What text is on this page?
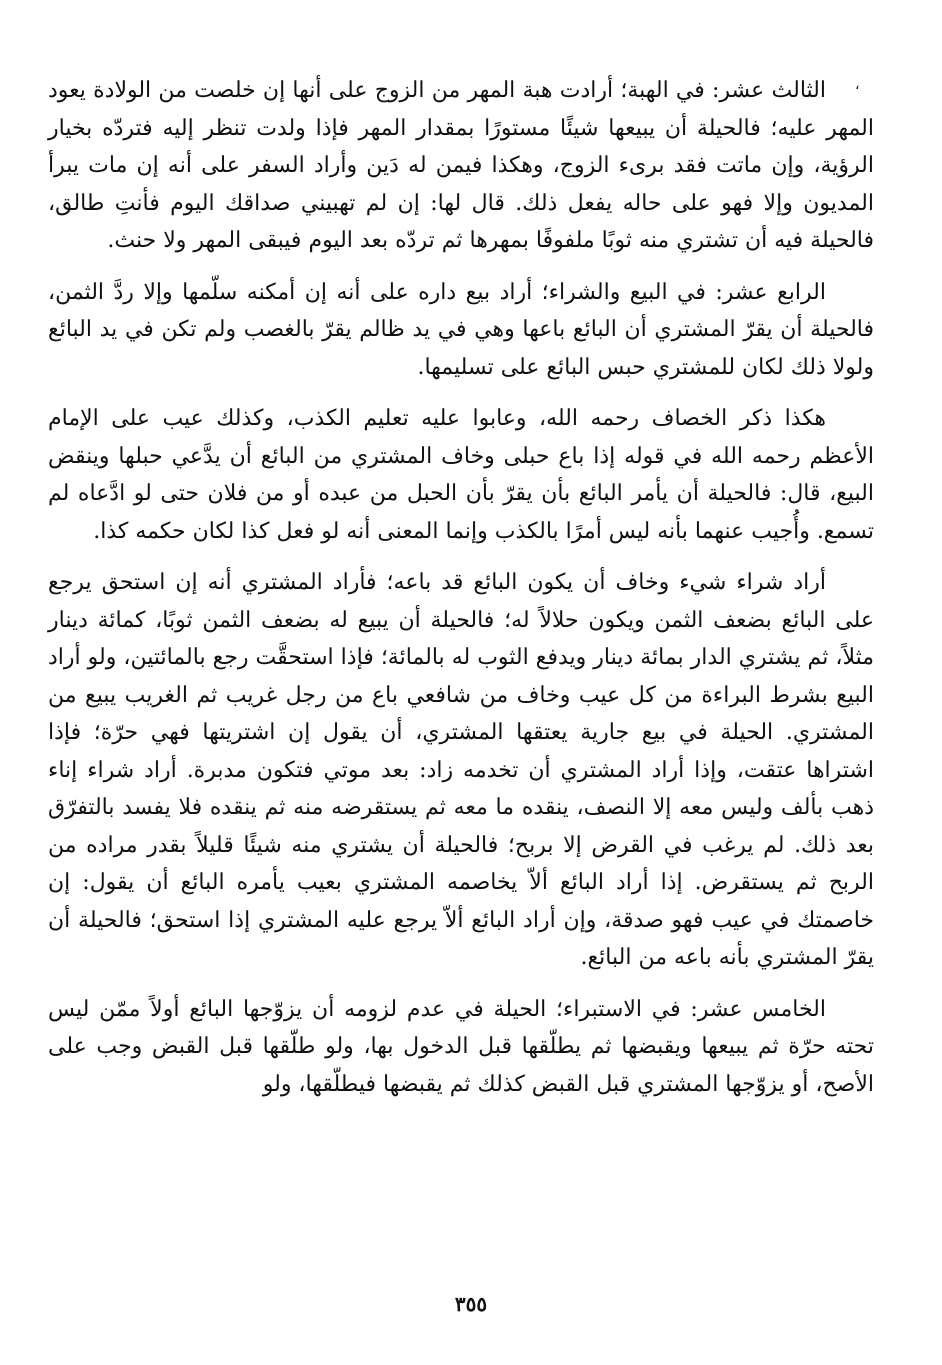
،

الثالث عشر: في الهبة؛ أرادت هبة المهر من الزوج على أنها إن خلصت من الولادة يعود المهر عليه؛ فالحيلة أن يبيعها شيئًا مستورًا بمقدار المهر فإذا ولدت تنظر إليه فتردّه بخيار الرؤية، وإن ماتت فقد برىء الزوج، وهكذا فيمن له دَين وأراد السفر على أنه إن مات يبرأ المديون وإلا فهو على حاله يفعل ذلك. قال لها: إن لم تهبيني صداقك اليوم فأنتِ طالق، فالحيلة فيه أن تشتري منه ثوبًا ملفوفًا بمهرها ثم تردّه بعد اليوم فيبقى المهر ولا حنث.

الرابع عشر: في البيع والشراء؛ أراد بيع داره على أنه إن أمكنه سلّمها وإلا ردَّ الثمن، فالحيلة أن يقرّ المشتري أن البائع باعها وهي في يد ظالم يقرّ بالغصب ولم تكن في يد البائع ولولا ذلك لكان للمشتري حبس البائع على تسليمها.

هكذا ذكر الخصاف رحمه الله، وعابوا عليه تعليم الكذب، وكذلك عيب على الإمام الأعظم رحمه الله في قوله إذا باع حبلى وخاف المشتري من البائع أن يدَّعي حبلها وينقض البيع، قال: فالحيلة أن يأمر البائع بأن يقرّ بأن الحبل من عبده أو من فلان حتى لو ادَّعاه لم تسمع. وأُجيب عنهما بأنه ليس أمرًا بالكذب وإنما المعنى أنه لو فعل كذا لكان حكمه كذا.

أراد شراء شيء وخاف أن يكون البائع قد باعه؛ فأراد المشتري أنه إن استحق يرجع على البائع بضعف الثمن ويكون حلالاً له؛ فالحيلة أن يبيع له بضعف الثمن ثوبًا، كمائة دينار مثلاً، ثم يشتري الدار بمائة دينار ويدفع الثوب له بالمائة؛ فإذا استحقَّت رجع بالمائتين، ولو أراد البيع بشرط البراءة من كل عيب وخاف من شافعي باع من رجل غريب ثم الغريب يبيع من المشتري. الحيلة في بيع جارية يعتقها المشتري، أن يقول إن اشتريتها فهي حرّة؛ فإذا اشتراها عتقت، وإذا أراد المشتري أن تخدمه زاد: بعد موتي فتكون مدبرة. أراد شراء إناء ذهب بألف وليس معه إلا النصف، ينقده ما معه ثم يستقرضه منه ثم ينقده فلا يفسد بالتفرّق بعد ذلك. لم يرغب في القرض إلا بربح؛ فالحيلة أن يشتري منه شيئًا قليلاً بقدر مراده من الربح ثم يستقرض. إذا أراد البائع ألاّ يخاصمه المشتري بعيب يأمره البائع أن يقول: إن خاصمتك في عيب فهو صدقة، وإن أراد البائع ألاّ يرجع عليه المشتري إذا استحق؛ فالحيلة أن يقرّ المشتري بأنه باعه من البائع.

الخامس عشر: في الاستبراء؛ الحيلة في عدم لزومه أن يزوّجها البائع أولاً ممّن ليس تحته حرّة ثم يبيعها ويقبضها ثم يطلّقها قبل الدخول بها، ولو طلّقها قبل القبض وجب على الأصح، أو يزوّجها المشتري قبل القبض كذلك ثم يقبضها فيطلّقها، ولو

٣٥٥
